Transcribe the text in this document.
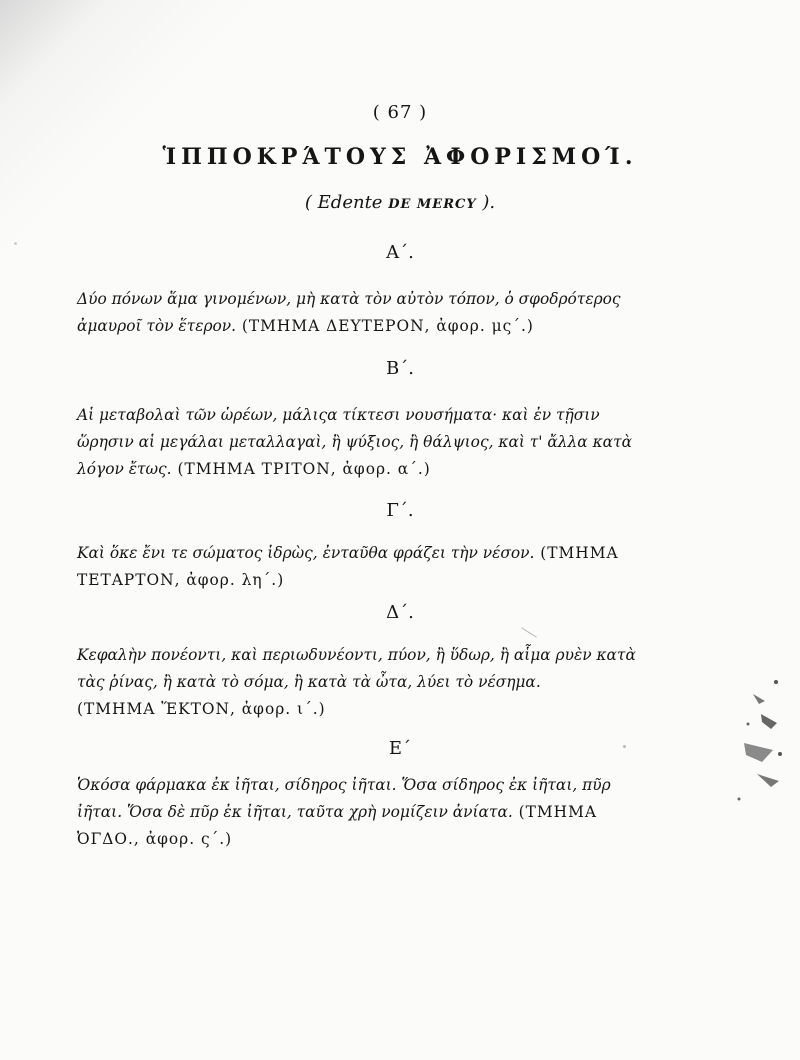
( 67 )
ἹΠΠΟΚΡΆΤΟΥΣ ἈΦΟΡΙΣΜΟΊ.
( Edente DE MERCY ).
Α΄.
Δύο πόνων ἅμα γινομένων, μὴ κατὰ τὸν αὐτὸν τόπον, ὁ σφοδρότερος
ἀμαυροῖ τὸν ἕτερον. (ΤΜΗΜΑ ΔΕΥΤΕΡΟΝ, ἀφορ. μς΄.)
Β΄.
Αἱ μεταβολαὶ τῶν ὡρέων, μάλιςα τίκτεσι νουσήματα· καὶ ἐν τῇσιν
ὥρησιν αἱ μεγάλαι μεταλλαγαὶ, ἢ ψύξιος, ἢ θάλψιος, καὶ τ' ἄλλα κατὰ
λόγον ἔτως. (ΤΜΗΜΑ ΤΡΙΤΟΝ, ἀφορ. α΄.)
Γ΄.
Καὶ ὅκε ἔνι τε σώματος ἱδρὼς, ἐνταῦθα φράζει τὴν νέσον. (ΤΜΗΜΑ
ΤΕΤΑΡΤΟΝ, ἀφορ. λη΄.)
Δ΄.
Κεφαλὴν πονέοντι, καὶ περιωδυνέοντι, πύον, ἢ ὕδωρ, ἢ αἷμα ρυὲν κατὰ
τὰς ῥίνας, ἢ κατὰ τὸ σόμα, ἢ κατὰ τὰ ὦτα, λύει τὸ νέσημα.
(ΤΜΗΜΑ ἝΚΤΟΝ, ἀφορ. ι΄.)
Ε΄
Ὁκόσα φάρμακα ἐκ ἰῆται, σίδηρος ἰῆται. Ὅσα σίδηρος ἐκ ἰῆται, πῦρ
ἰῆται. Ὅσα δὲ πῦρ ἐκ ἰῆται, ταῦτα χρὴ νομίζειν ἀνίατα. (ΤΜΗΜΑ
ὈΓΔΟ., ἀφορ. ς΄.)
